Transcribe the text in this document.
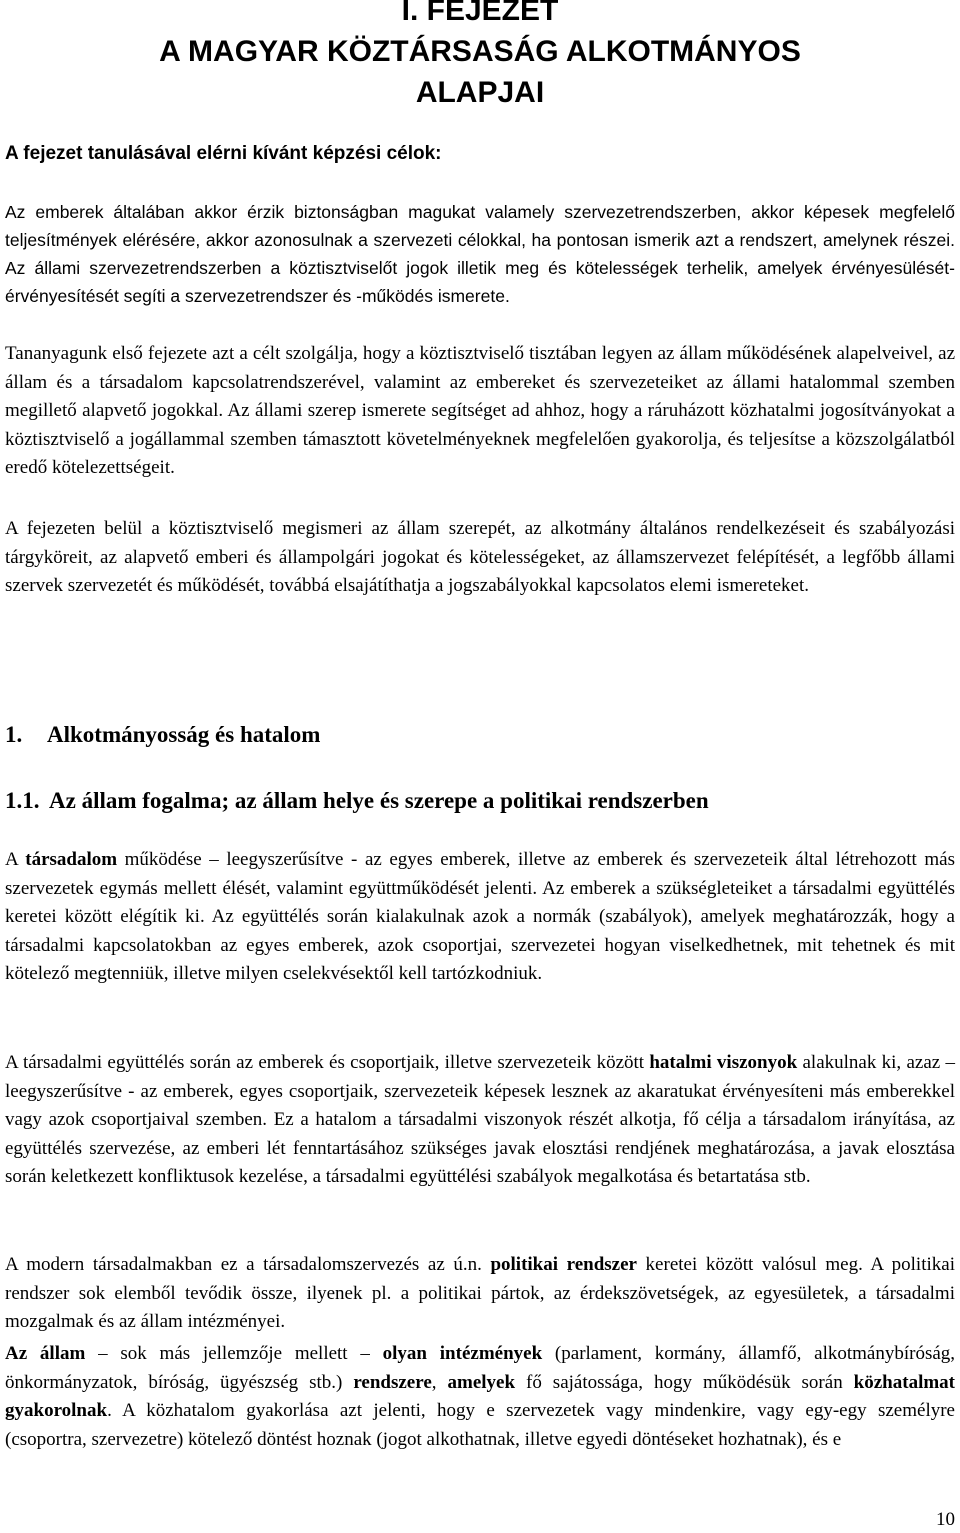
I. FEJEZET
A MAGYAR KÖZTÁRSASÁG ALKOTMÁNYOS
ALAPJAI

A fejezet tanulásával elérni kívánt képzési célok:

Az emberek általában akkor érzik biztonságban magukat valamely szervezetrendszerben, akkor képesek megfelelő teljesítmények elérésére, akkor azonosulnak a szervezeti célokkal, ha pontosan ismerik azt a rendszert, amelynek részei. Az állami szervezetrendszerben a köztisztviselőt jogok illetik meg és kötelességek terhelik, amelyek érvényesülését-érvényesítését segíti a szervezetrendszer és -működés ismerete.

Tananyagunk első fejezete azt a célt szolgálja, hogy a köztisztviselő tisztában legyen az állam működésének alapelveivel, az állam és a társadalom kapcsolatrendszerével, valamint az embereket és szervezeteiket az állami hatalommal szemben megillető alapvető jogokkal. Az állami szerep ismerete segítséget ad ahhoz, hogy a ráruházott közhatalmi jogosítványokat a köztisztviselő a jogállammal szemben támasztott követelményeknek megfelelően gyakorolja, és teljesítse a közszolgálatból eredő kötelezettségeit.

A fejezeten belül a köztisztviselő megismeri az állam szerepét, az alkotmány általános rendelkezéseit és szabályozási tárgyköreit, az alapvető emberi és állampolgári jogokat és kötelességeket, az államszervezet felépítését, a legfőbb állami szervek szervezetét és működését, továbbá elsajátíthatja a jogszabályokkal kapcsolatos elemi ismereteket.

1. Alkotmányosság és hatalom
1.1. Az állam fogalma; az állam helye és szerepe a politikai rendszerben

A társadalom működése – leegyszerűsítve - az egyes emberek, illetve az emberek és szervezeteik által létrehozott más szervezetek egymás mellett élését, valamint együttműködését jelenti. Az emberek a szükségleteiket a társadalmi együttélés keretei között elégítik ki. Az együttélés során kialakulnak azok a normák (szabályok), amelyek meghatározzák, hogy a társadalmi kapcsolatokban az egyes emberek, azok csoportjai, szervezetei hogyan viselkedhetnek, mit tehetnek és mit kötelező megtenniük, illetve milyen cselekvésektől kell tartózkodniuk.

A társadalmi együttélés során az emberek és csoportjaik, illetve szervezeteik között hatalmi viszonyok alakulnak ki, azaz – leegyszerűsítve - az emberek, egyes csoportjaik, szervezeteik képesek lesznek az akaratukat érvényesíteni más emberekkel vagy azok csoportjaival szemben. Ez a hatalom a társadalmi viszonyok részét alkotja, fő célja a társadalom irányítása, az együttélés szervezése, az emberi lét fenntartásához szükséges javak elosztási rendjének meghatározása, a javak elosztása során keletkezett konfliktusok kezelése, a társadalmi együttélési szabályok megalkotása és betartatása stb.

A modern társadalmakban ez a társadalomszervezés az ú.n. politikai rendszer keretei között valósul meg. A politikai rendszer sok elemből tevődik össze, ilyenek pl. a politikai pártok, az érdekszövetségek, az egyesületek, a társadalmi mozgalmak és az állam intézményei.

Az állam – sok más jellemzője mellett – olyan intézmények (parlament, kormány, államfő, alkotmánybíróság, önkormányzatok, bíróság, ügyészség stb.) rendszere, amelyek fő sajátossága, hogy működésük során közhatalmat gyakorolnak. A közhatalom gyakorlása azt jelenti, hogy e szervezetek vagy mindenkire, vagy egy-egy személyre (csoportra, szervezetre) kötelező döntést hoznak (jogot alkothatnak, illetve egyedi döntéseket hozhatnak), és e

10
